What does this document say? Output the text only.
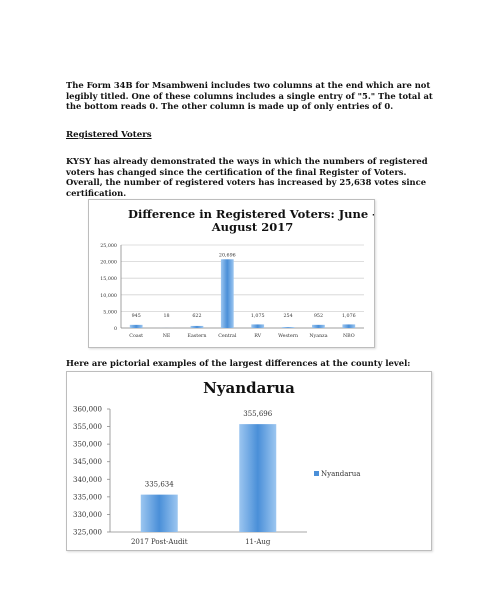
The Form 34B for Msambweni includes two columns at the end which are not legibly titled. One of these columns includes a single entry of "5." The total at the bottom reads 0. The other column is made up of only entries of 0.

Registered Voters

KYSY has already demonstrated the ways in which the numbers of registered voters has changed since the certification of the final Register of Voters. Overall, the number of registered voters has increased by 25,638 votes since certification.

Difference in Registered Voters: June -
August 2017
0
5,000
10,000
15,000
20,000
25,000
945
Coast
18
NE
622
Eastern
20,696
Central
1,075
RV
254
Western
952
Nyanza
1,076
NBO

Here are pictorial examples of the largest differences at the county level:

Nyandarua
325,000
330,000
335,000
340,000
345,000
350,000
355,000
360,000
335,634
2017 Post-Audit
355,696
11-Aug
Nyandarua
